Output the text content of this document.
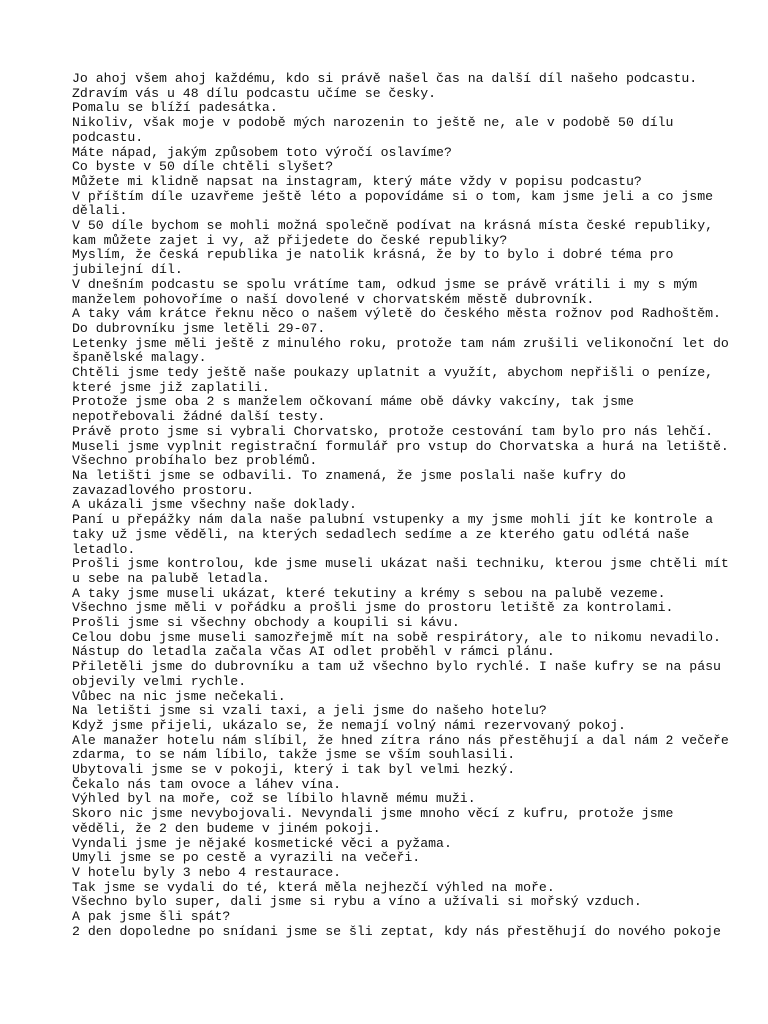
Jo ahoj všem ahoj každému, kdo si právě našel čas na další díl našeho podcastu.
Zdravím vás u 48 dílu podcastu učíme se česky.
Pomalu se blíží padesátka.
Nikoliv, však moje v podobě mých narozenin to ještě ne, ale v podobě 50 dílu
podcastu.
Máte nápad, jakým způsobem toto výročí oslavíme?
Co byste v 50 díle chtěli slyšet?
Můžete mi klidně napsat na instagram, který máte vždy v popisu podcastu?
V příštím díle uzavřeme ještě léto a popovídáme si o tom, kam jsme jeli a co jsme
dělali.
V 50 díle bychom se mohli možná společně podívat na krásná místa české republiky,
kam můžete zajet i vy, až přijedete do české republiky?
Myslím, že česká republika je natolik krásná, že by to bylo i dobré téma pro
jubilejní díl.
V dnešním podcastu se spolu vrátíme tam, odkud jsme se právě vrátili i my s mým
manželem pohovoříme o naší dovolené v chorvatském městě dubrovník.
A taky vám krátce řeknu něco o našem výletě do českého města rožnov pod Radhoštěm.
Do dubrovníku jsme letěli 29-07.
Letenky jsme měli ještě z minulého roku, protože tam nám zrušili velikonoční let do
španělské malagy.
Chtěli jsme tedy ještě naše poukazy uplatnit a využít, abychom nepřišli o peníze,
které jsme již zaplatili.
Protože jsme oba 2 s manželem očkovaní máme obě dávky vakcíny, tak jsme
nepotřebovali žádné další testy.
Právě proto jsme si vybrali Chorvatsko, protože cestování tam bylo pro nás lehčí.
Museli jsme vyplnit registrační formulář pro vstup do Chorvatska a hurá na letiště.
Všechno probíhalo bez problémů.
Na letišti jsme se odbavili. To znamená, že jsme poslali naše kufry do
zavazadlového prostoru.
A ukázali jsme všechny naše doklady.
Paní u přepážky nám dala naše palubní vstupenky a my jsme mohli jít ke kontrole a
taky už jsme věděli, na kterých sedadlech sedíme a ze kterého gatu odlétá naše
letadlo.
Prošli jsme kontrolou, kde jsme museli ukázat naši techniku, kterou jsme chtěli mít
u sebe na palubě letadla.
A taky jsme museli ukázat, které tekutiny a krémy s sebou na palubě vezeme.
Všechno jsme měli v pořádku a prošli jsme do prostoru letiště za kontrolami.
Prošli jsme si všechny obchody a koupili si kávu.
Celou dobu jsme museli samozřejmě mít na sobě respirátory, ale to nikomu nevadilo.
Nástup do letadla začala včas AI odlet proběhl v rámci plánu.
Přiletěli jsme do dubrovníku a tam už všechno bylo rychlé. I naše kufry se na pásu
objevily velmi rychle.
Vůbec na nic jsme nečekali.
Na letišti jsme si vzali taxi, a jeli jsme do našeho hotelu?
Když jsme přijeli, ukázalo se, že nemají volný námi rezervovaný pokoj.
Ale manažer hotelu nám slíbil, že hned zítra ráno nás přestěhují a dal nám 2 večeře
zdarma, to se nám líbilo, takže jsme se vším souhlasili.
Ubytovali jsme se v pokoji, který i tak byl velmi hezký.
Čekalo nás tam ovoce a láhev vína.
Výhled byl na moře, což se líbilo hlavně mému muži.
Skoro nic jsme nevybojovali. Nevyndali jsme mnoho věcí z kufru, protože jsme
věděli, že 2 den budeme v jiném pokoji.
Vyndali jsme je nějaké kosmetické věci a pyžama.
Umyli jsme se po cestě a vyrazili na večeři.
V hotelu byly 3 nebo 4 restaurace.
Tak jsme se vydali do té, která měla nejhezčí výhled na moře.
Všechno bylo super, dali jsme si rybu a víno a užívali si mořský vzduch.
A pak jsme šli spát?
2 den dopoledne po snídani jsme se šli zeptat, kdy nás přestěhují do nového pokoje
